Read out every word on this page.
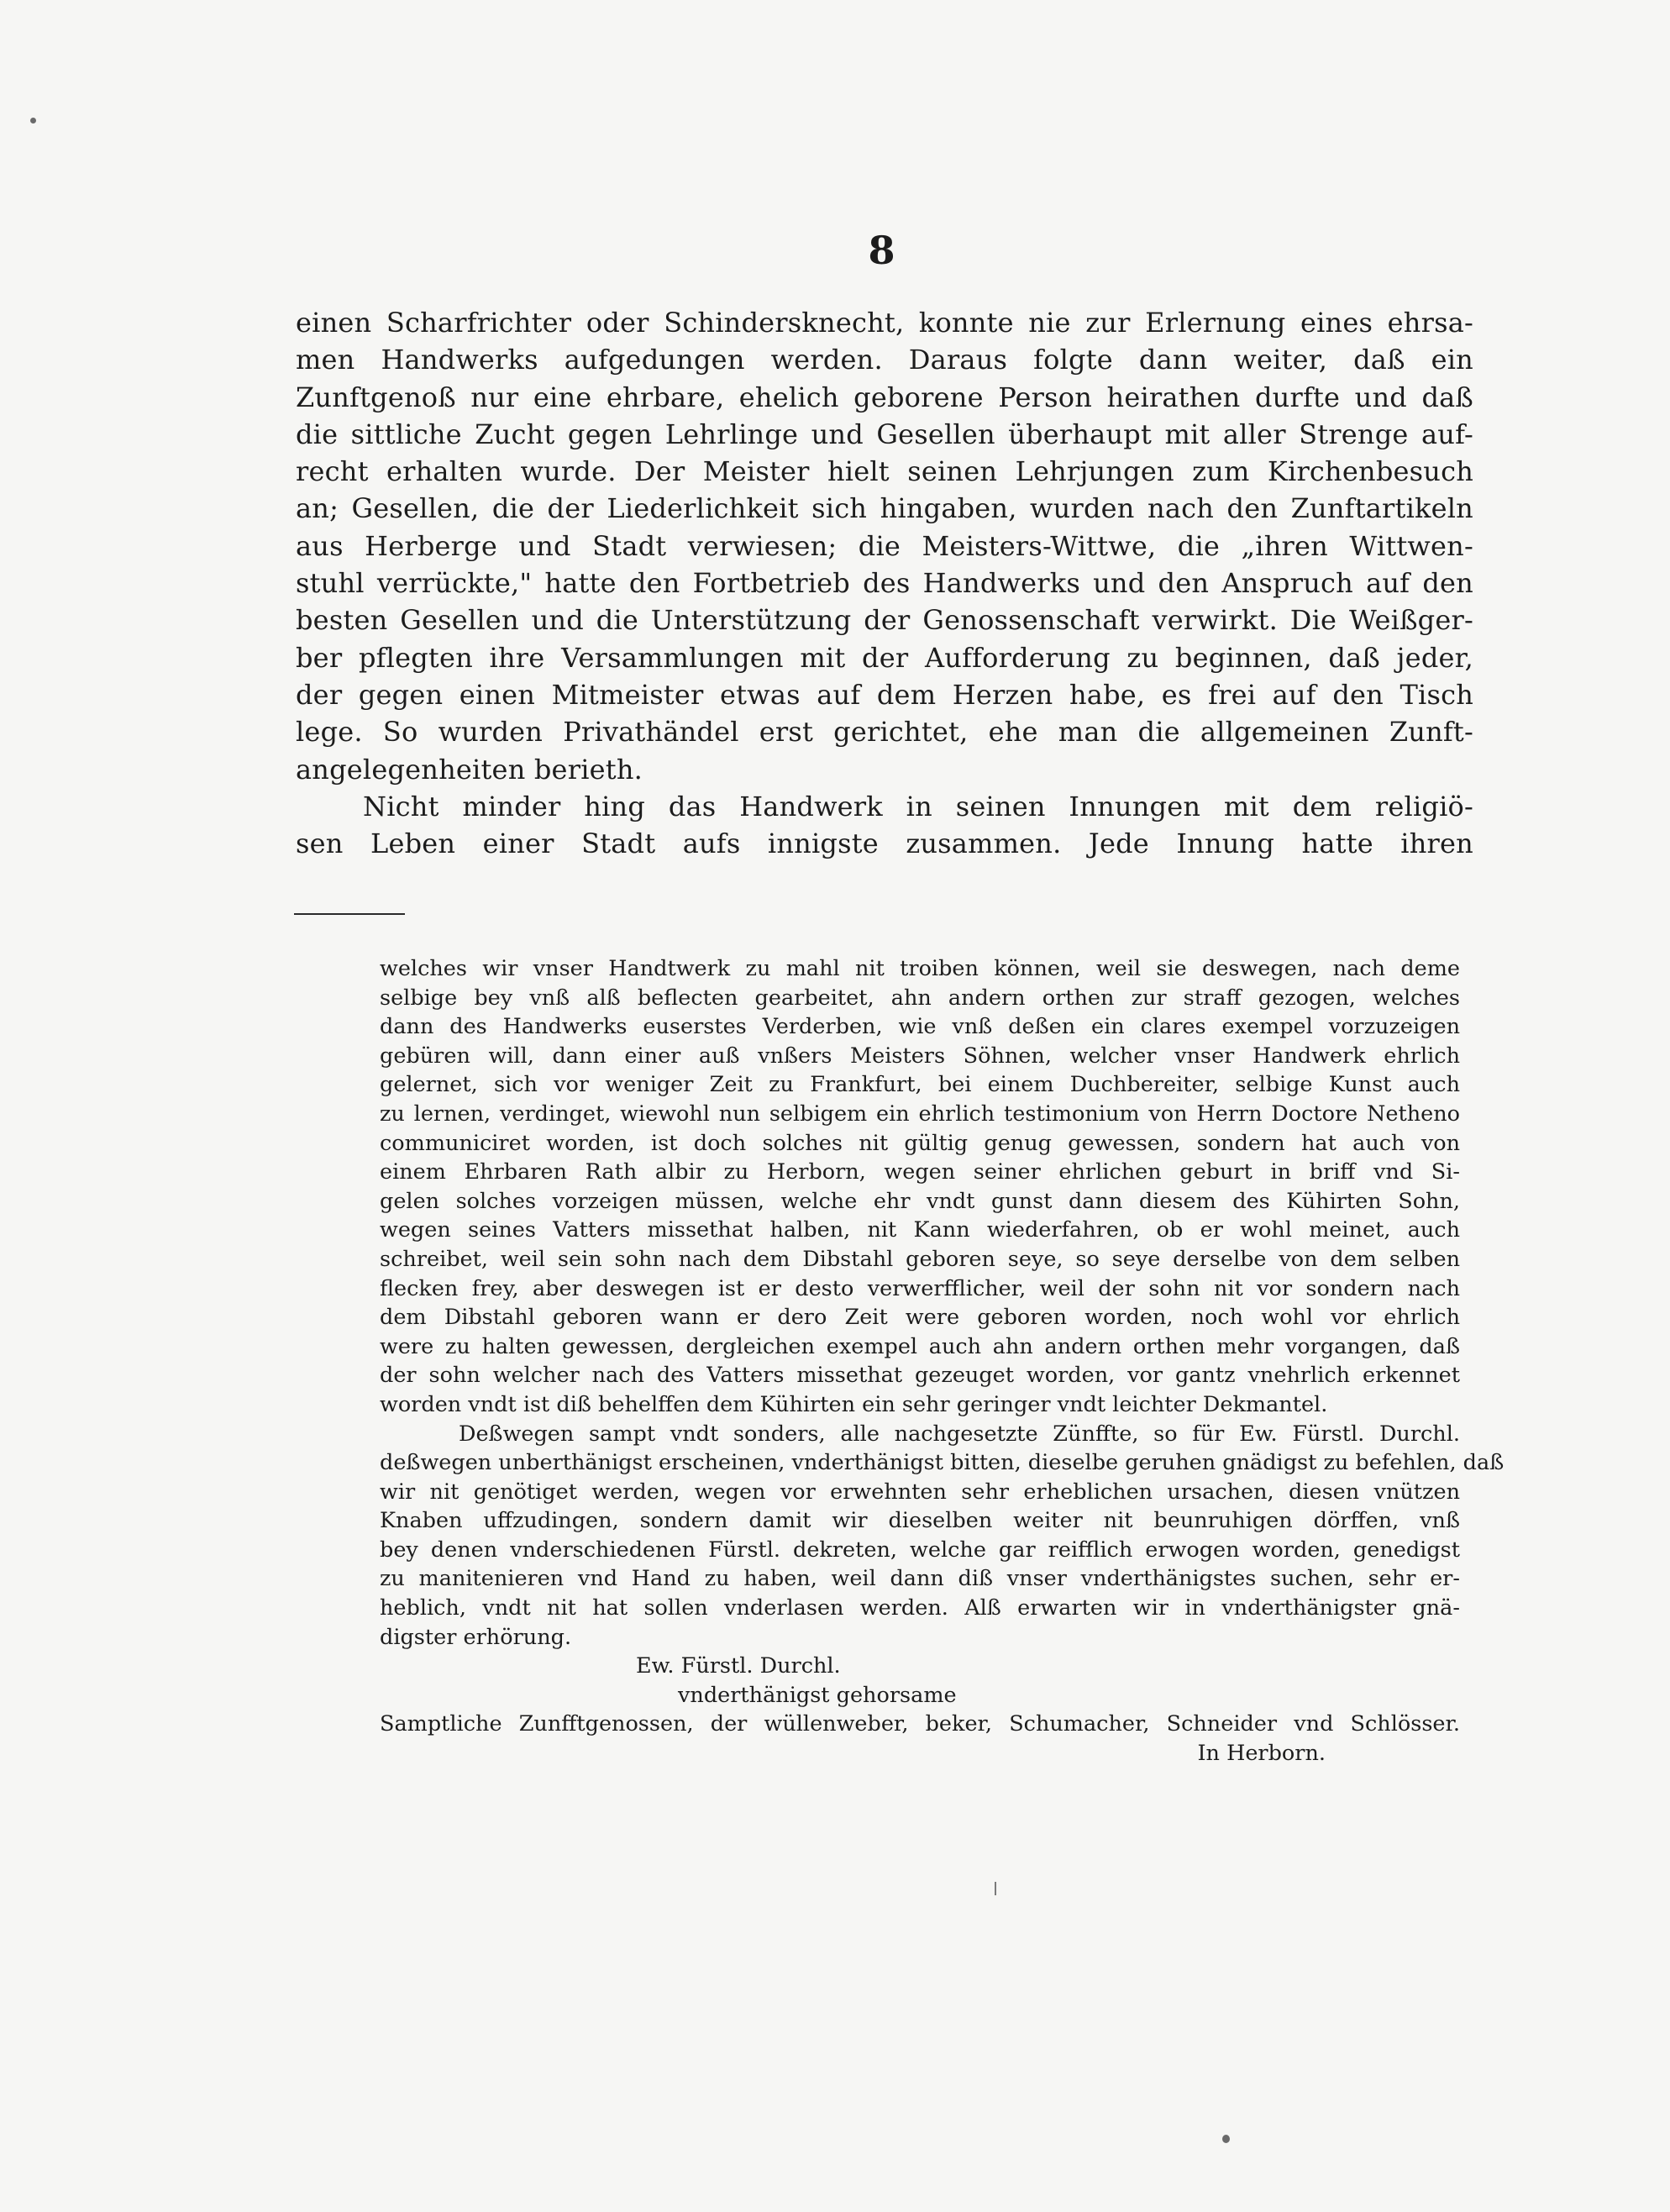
8
einen Scharfrichter oder Schindersknecht, konnte nie zur Erlernung eines ehrsa-
men Handwerks aufgedungen werden. Daraus folgte dann weiter, daß ein
Zunftgenoß nur eine ehrbare, ehelich geborene Person heirathen durfte und daß
die sittliche Zucht gegen Lehrlinge und Gesellen überhaupt mit aller Strenge auf-
recht erhalten wurde. Der Meister hielt seinen Lehrjungen zum Kirchenbesuch
an; Gesellen, die der Liederlichkeit sich hingaben, wurden nach den Zunftartikeln
aus Herberge und Stadt verwiesen; die Meisters-Wittwe, die „ihren Wittwen-
stuhl verrückte," hatte den Fortbetrieb des Handwerks und den Anspruch auf den
besten Gesellen und die Unterstützung der Genossenschaft verwirkt. Die Weißger-
ber pflegten ihre Versammlungen mit der Aufforderung zu beginnen, daß jeder,
der gegen einen Mitmeister etwas auf dem Herzen habe, es frei auf den Tisch
lege. So wurden Privathändel erst gerichtet, ehe man die allgemeinen Zunft-
angelegenheiten berieth.
Nicht minder hing das Handwerk in seinen Innungen mit dem religiö-
sen Leben einer Stadt aufs innigste zusammen. Jede Innung hatte ihren
welches wir vnser Handtwerk zu mahl nit troiben können, weil sie deswegen, nach deme
selbige bey vnß alß beflecten gearbeitet, ahn andern orthen zur straff gezogen, welches
dann des Handwerks euserstes Verderben, wie vnß deßen ein clares exempel vorzuzeigen
gebüren will, dann einer auß vnßers Meisters Söhnen, welcher vnser Handwerk ehrlich
gelernet, sich vor weniger Zeit zu Frankfurt, bei einem Duchbereiter, selbige Kunst auch
zu lernen, verdinget, wiewohl nun selbigem ein ehrlich testimonium von Herrn Doctore Netheno
communiciret worden, ist doch solches nit gültig genug gewessen, sondern hat auch von
einem Ehrbaren Rath albir zu Herborn, wegen seiner ehrlichen geburt in briff vnd Si-
gelen solches vorzeigen müssen, welche ehr vndt gunst dann diesem des Kühirten Sohn,
wegen seines Vatters missethat halben, nit Kann wiederfahren, ob er wohl meinet, auch
schreibet, weil sein sohn nach dem Dibstahl geboren seye, so seye derselbe von dem selben
flecken frey, aber deswegen ist er desto verwerfflicher, weil der sohn nit vor sondern nach
dem Dibstahl geboren wann er dero Zeit were geboren worden, noch wohl vor ehrlich
were zu halten gewessen, dergleichen exempel auch ahn andern orthen mehr vorgangen, daß
der sohn welcher nach des Vatters missethat gezeuget worden, vor gantz vnehrlich erkennet
worden vndt ist diß behelffen dem Kühirten ein sehr geringer vndt leichter Dekmantel.
Deßwegen sampt vndt sonders, alle nachgesetzte Zünffte, so für Ew. Fürstl. Durchl.
deßwegen unberthänigst erscheinen, vnderthänigst bitten, dieselbe geruhen gnädigst zu befehlen, daß
wir nit genötiget werden, wegen vor erwehnten sehr erheblichen ursachen, diesen vnützen
Knaben uffzudingen, sondern damit wir dieselben weiter nit beunruhigen dörffen, vnß
bey denen vnderschiedenen Fürstl. dekreten, welche gar reifflich erwogen worden, genedigst
zu manitenieren vnd Hand zu haben, weil dann diß vnser vnderthänigstes suchen, sehr er-
heblich, vndt nit hat sollen vnderlasen werden. Alß erwarten wir in vnderthänigster gnä-
digster erhörung.
Ew. Fürstl. Durchl.
vnderthänigst gehorsame
Samptliche Zunfftgenossen, der wüllenweber, beker, Schumacher, Schneider vnd Schlösser.
In Herborn.
